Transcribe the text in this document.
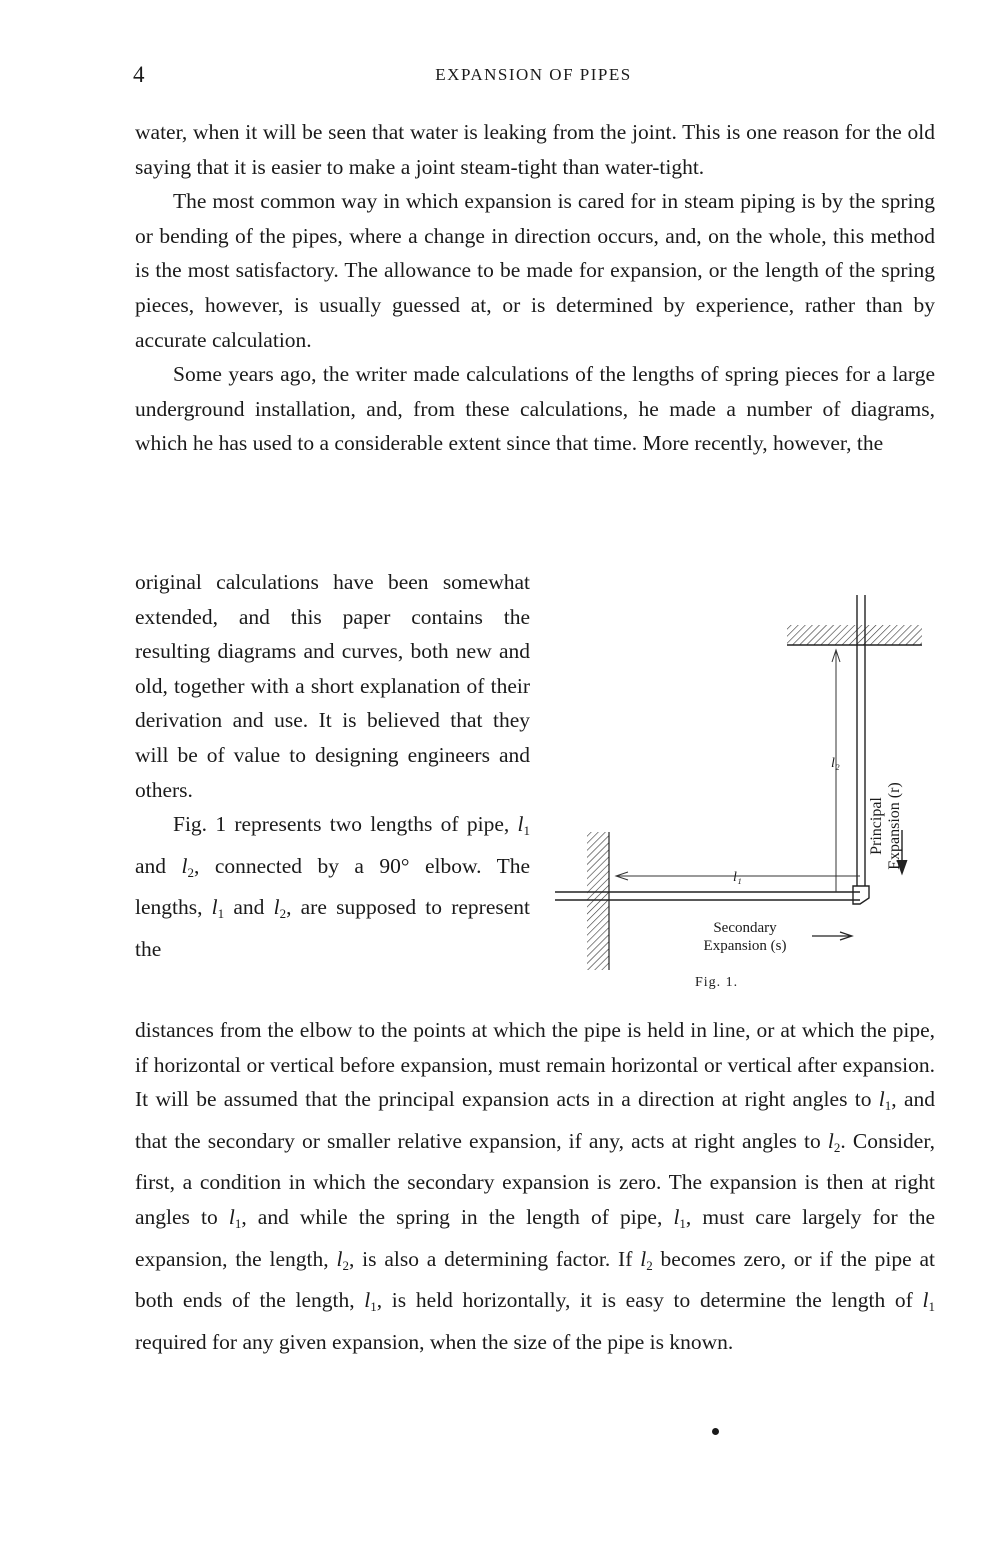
4	EXPANSION OF PIPES

water, when it will be seen that water is leaking from the joint. This is one reason for the old saying that it is easier to make a joint steam-tight than water-tight.

The most common way in which expansion is cared for in steam piping is by the spring or bending of the pipes, where a change in direction occurs, and, on the whole, this method is the most satisfactory. The allowance to be made for expansion, or the length of the spring pieces, however, is usually guessed at, or is determined by experience, rather than by accurate calculation.

Some years ago, the writer made calculations of the lengths of spring pieces for a large underground installation, and, from these calculations, he made a number of diagrams, which he has used to a considerable extent since that time. More recently, however, the

original calculations have been somewhat extended, and this paper contains the resulting diagrams and curves, both new and old, together with a short explanation of their derivation and use. It is believed that they will be of value to designing engineers and others.

Fig. 1 represents two lengths of pipe, $l_1$ and $l_2$, connected by a 90° elbow. The lengths, $l_1$ and $l_2$, are supposed to represent the

distances from the elbow to the points at which the pipe is held in line, or at which the pipe, if horizontal or vertical before expansion, must remain horizontal or vertical after expansion. It will be assumed that the principal expansion acts in a direction at right angles to $l_1$, and that the secondary or smaller relative expansion, if any, acts at right angles to $l_2$. Consider, first, a condition in which the secondary expansion is zero. The expansion is then at right angles to $l_1$, and while the spring in the length of pipe, $l_1$, must care largely for the expansion, the length, $l_2$, is also a determining factor. If $l_2$ becomes zero, or if the pipe at both ends of the length, $l_1$, is held horizontally, it is easy to determine the length of $l_1$ required for any given expansion, when the size of the pipe is known.

l₂
l₁
Principal Expansion (r)
Secondary
Expansion (s)
Fig. 1.
